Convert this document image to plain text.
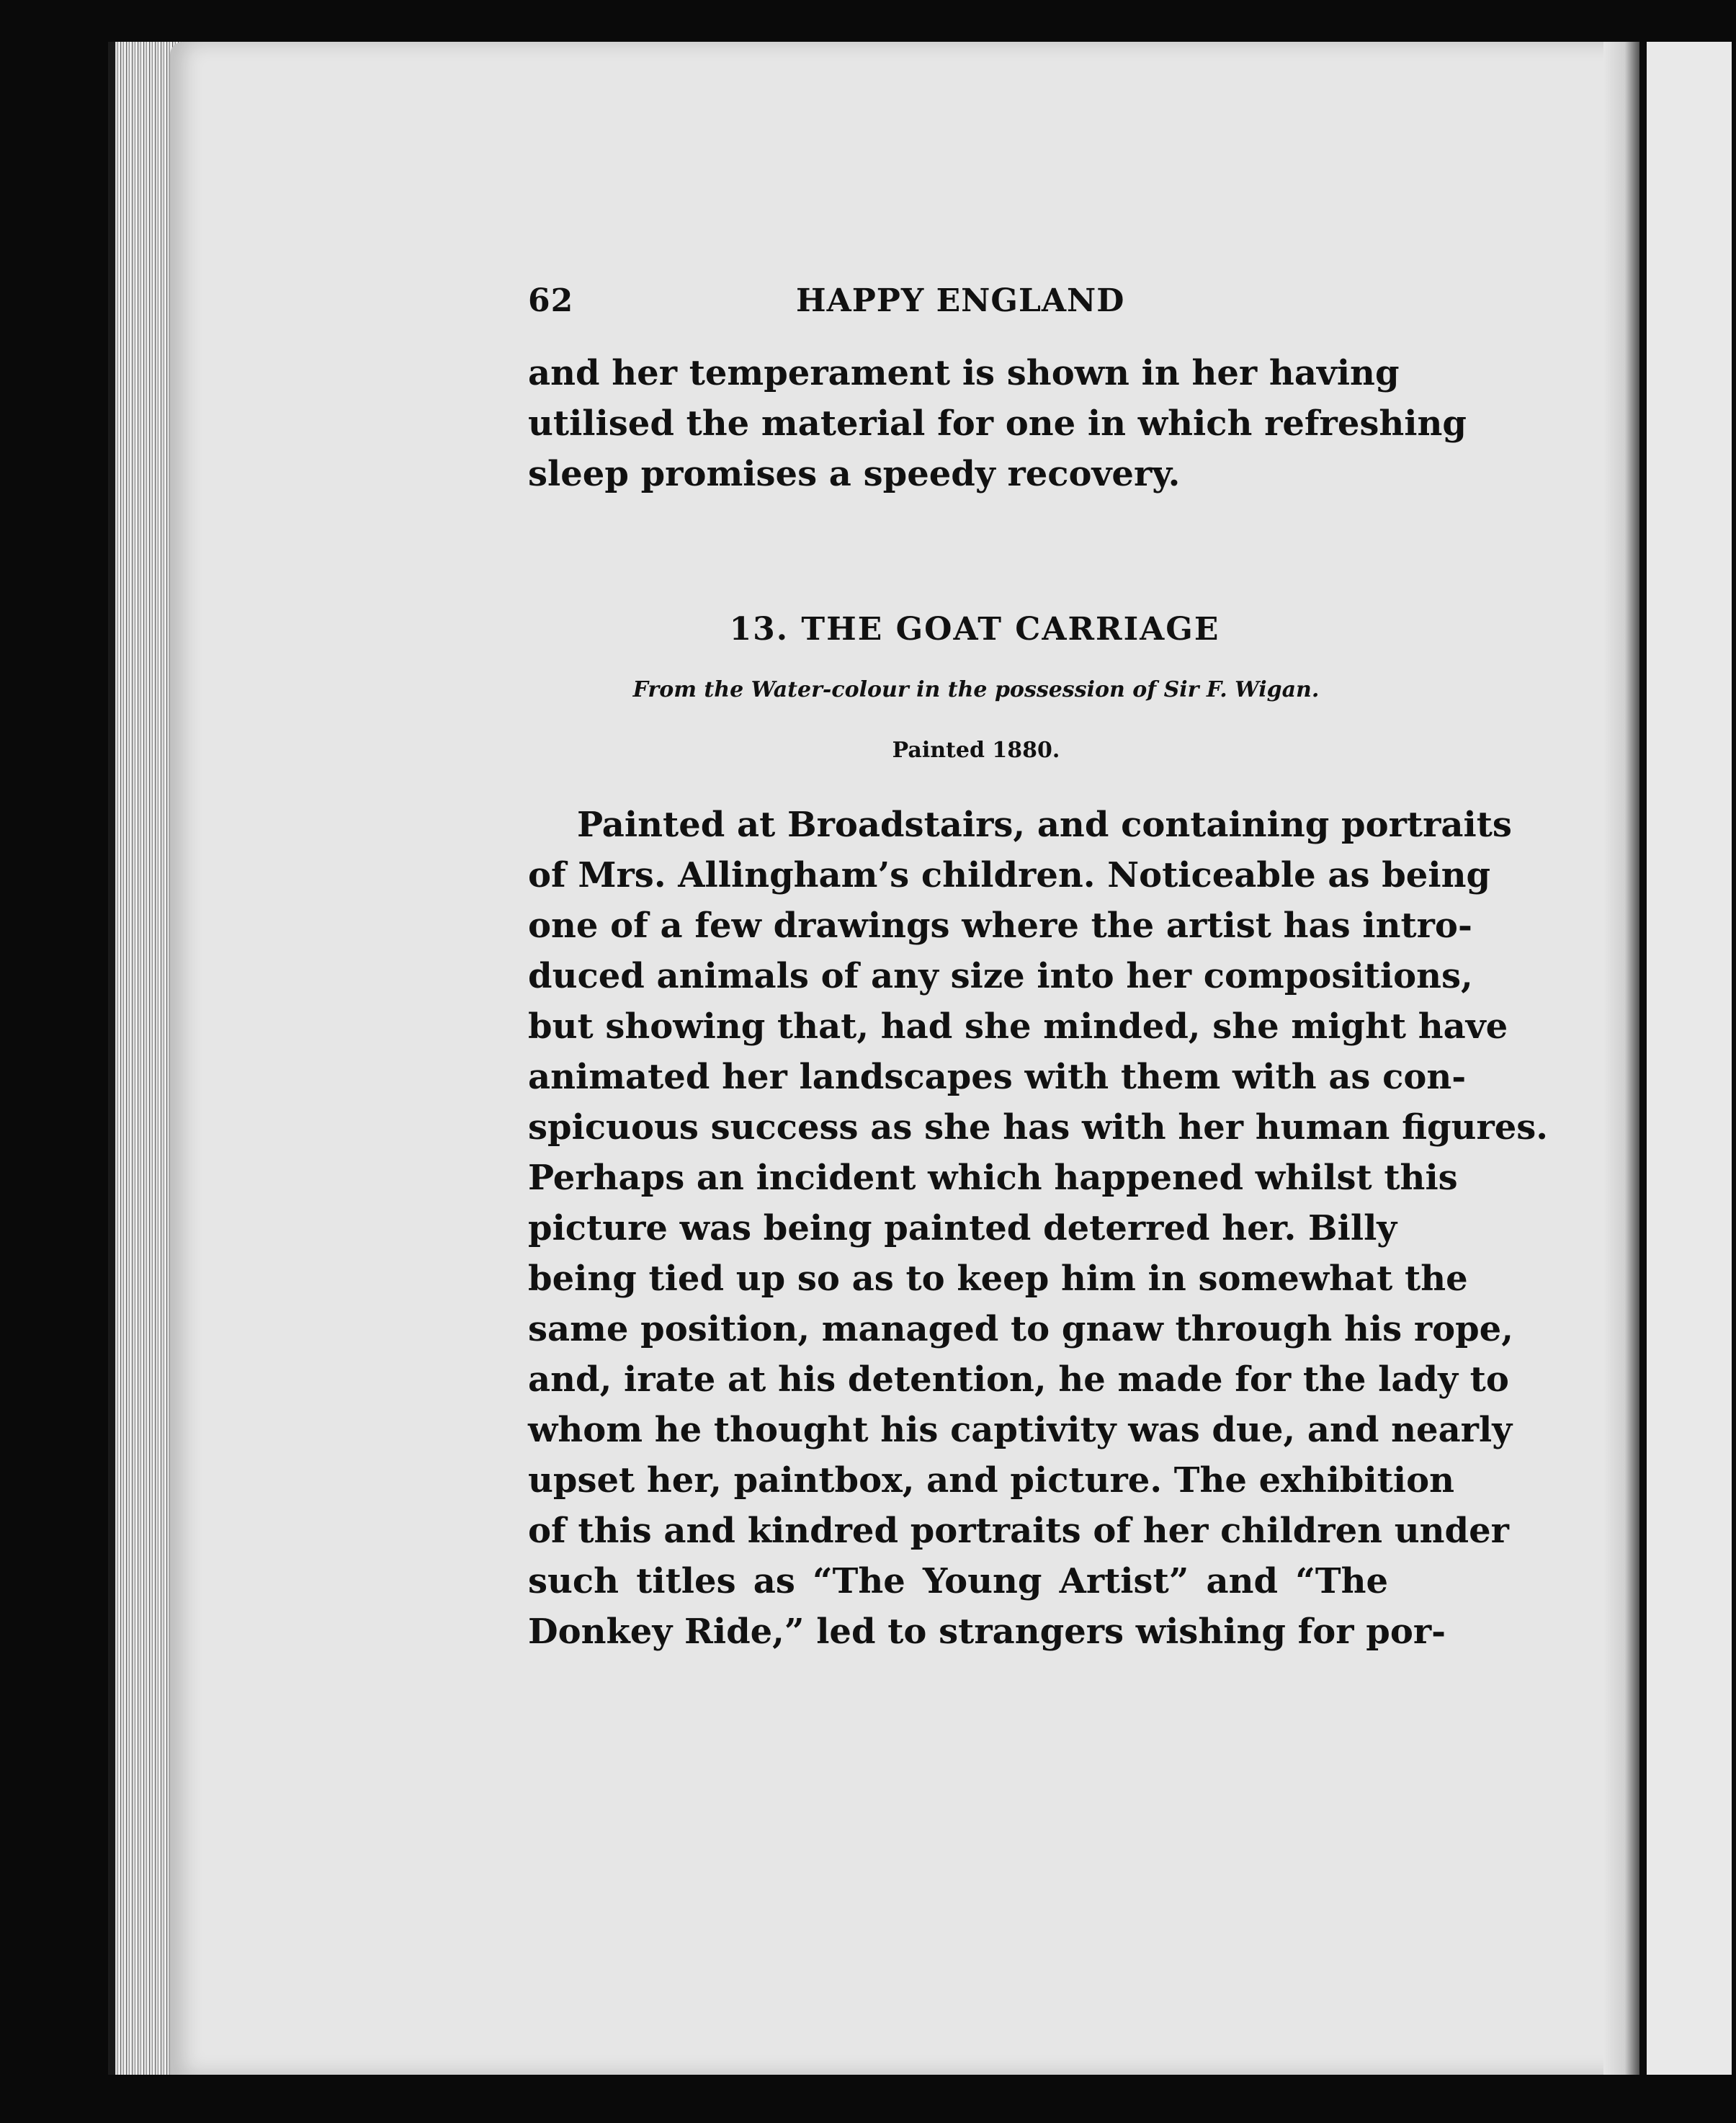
62	HAPPY ENGLAND

and her temperament is shown in her having
utilised the material for one in which refreshing
sleep promises a speedy recovery.

13. THE GOAT CARRIAGE
From the Water-colour in the possession of Sir F. Wigan.
Painted 1880.

Painted at Broadstairs, and containing portraits
of Mrs. Allingham’s children. Noticeable as being
one of a few drawings where the artist has intro-
duced animals of any size into her compositions,
but showing that, had she minded, she might have
animated her landscapes with them with as con-
spicuous success as she has with her human figures.
Perhaps an incident which happened whilst this
picture was being painted deterred her. Billy
being tied up so as to keep him in somewhat the
same position, managed to gnaw through his rope,
and, irate at his detention, he made for the lady to
whom he thought his captivity was due, and nearly
upset her, paintbox, and picture. The exhibition
of this and kindred portraits of her children under
such titles as “The Young Artist” and “The
Donkey Ride,” led to strangers wishing for por-
